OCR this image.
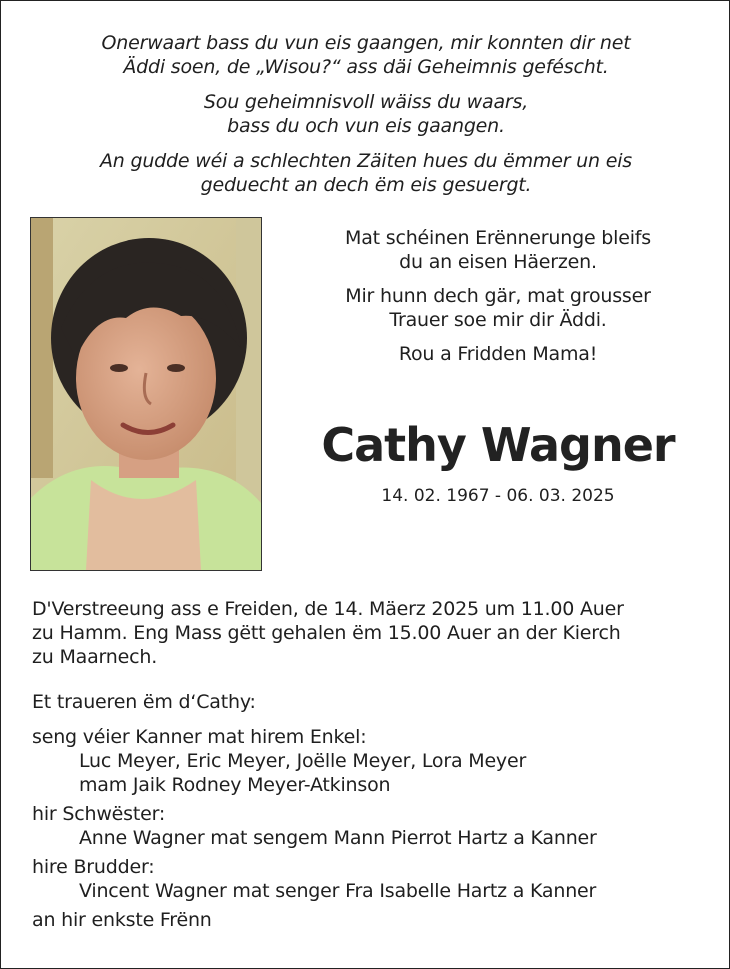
Onerwaart bass du vun eis gaangen, mir konnten dir net
Äddi soen, de „Wisou?“ ass däi Geheimnis geféscht.

Sou geheimnisvoll wäiss du waars,
bass du och vun eis gaangen.

An gudde wéi a schlechten Zäiten hues du ëmmer un eis
geduecht an dech ëm eis gesuergt.

Mat schéinen Erënnerunge bleifs
du an eisen Häerzen.

Mir hunn dech gär, mat grousser
Trauer soe mir dir Äddi.

Rou a Fridden Mama!

Cathy Wagner
14. 02. 1967 - 06. 03. 2025
D'Verstreeung ass e Freiden, de 14. Mäerz 2025 um 11.00 Auer
zu Hamm. Eng Mass gëtt gehalen ëm 15.00 Auer an der Kierch
zu Maarnech.
Et traueren ëm d‘Cathy:
seng véier Kanner mat hirem Enkel:
Luc Meyer, Eric Meyer, Joëlle Meyer, Lora Meyer
mam Jaik Rodney Meyer-Atkinson
hir Schwëster:
Anne Wagner mat sengem Mann Pierrot Hartz a Kanner
hire Brudder:
Vincent Wagner mat senger Fra Isabelle Hartz a Kanner
an hir enkste Frënn
